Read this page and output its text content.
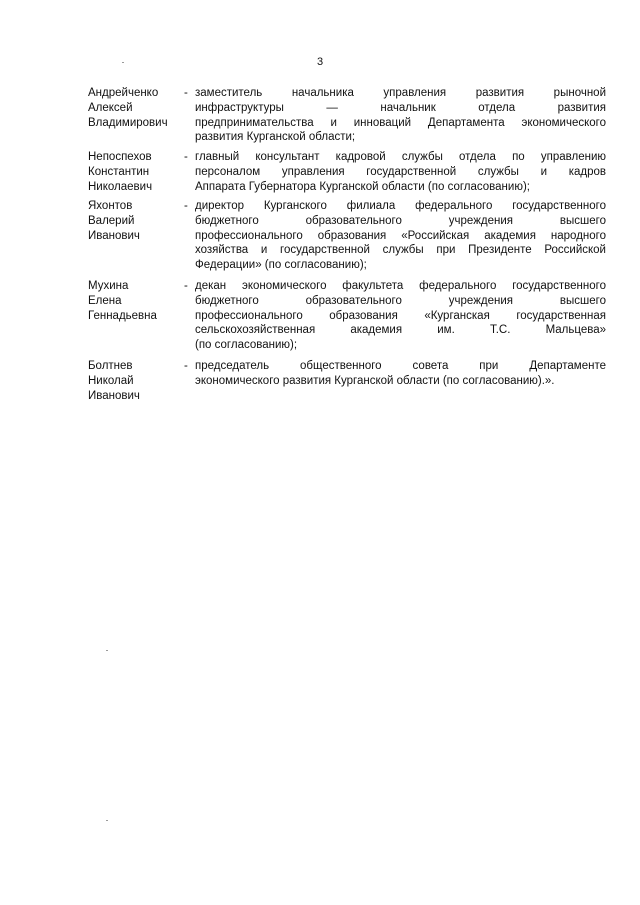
3
Андрейченко
Алексей
Владимирович
- заместитель начальника управления развития рыночной
инфраструктуры — начальник отдела развития
предпринимательства и инноваций Департамента экономического
развития Курганской области;
Непоспехов
Константин
Николаевич
- главный консультант кадровой службы отдела по управлению
персоналом управления государственной службы и кадров
Аппарата Губернатора Курганской области (по согласованию);
Яхонтов
Валерий
Иванович
- директор Курганского филиала федерального государственного
бюджетного образовательного учреждения высшего
профессионального образования «Российская академия народного
хозяйства и государственной службы при Президенте Российской
Федерации» (по согласованию);
Мухина
Елена
Геннадьевна
- декан экономического факультета федерального государственного
бюджетного образовательного учреждения высшего
профессионального образования «Курганская государственная
сельскохозяйственная академия им. Т.С. Мальцева»
(по согласованию);
Болтнев
Николай
Иванович
- председатель общественного совета при Департаменте
экономического развития Курганской области (по согласованию).».
